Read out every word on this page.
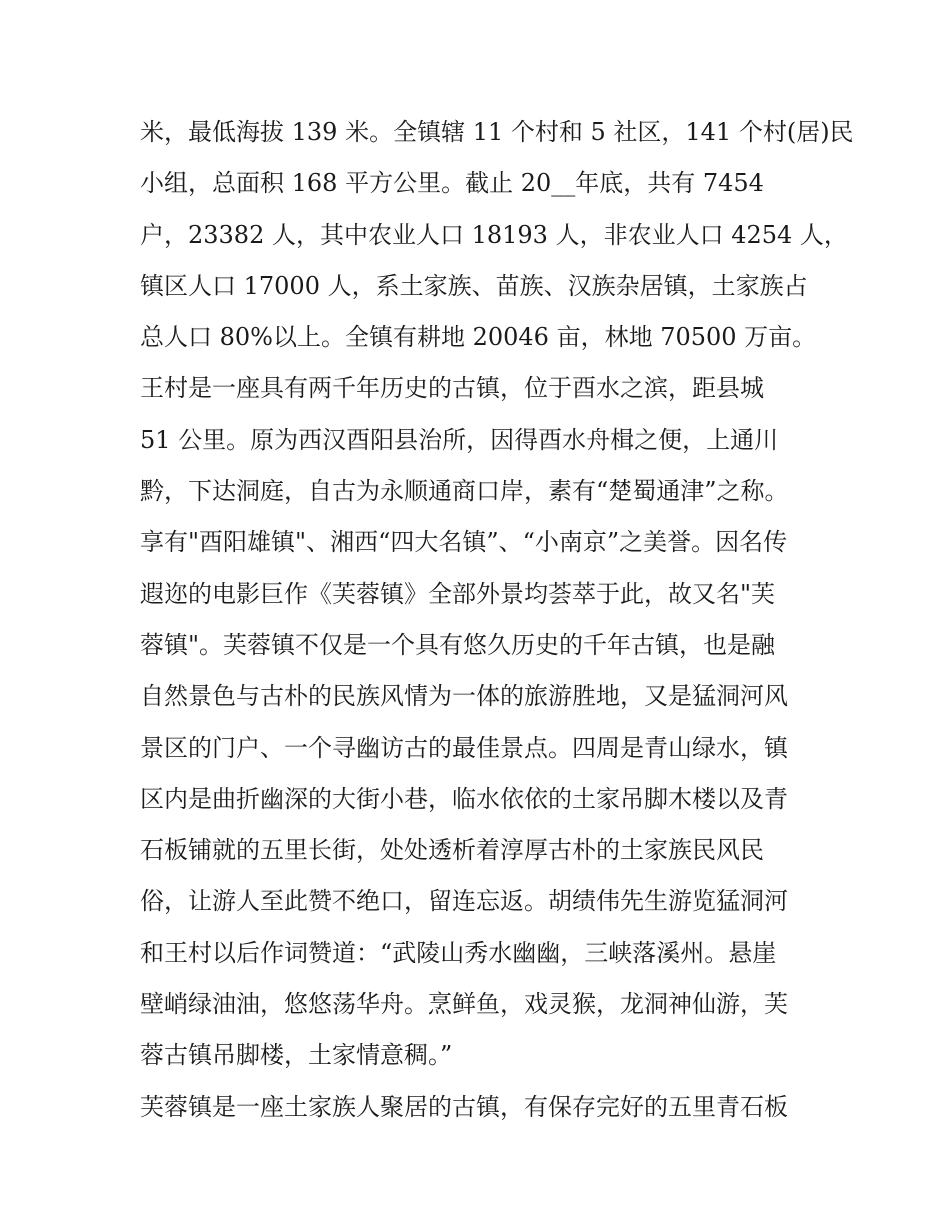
米，最低海拔 139 米。全镇辖 11 个村和 5 社区，141 个村(居)民
小组，总面积 168 平方公里。截止 20__年底，共有 7454
户，23382 人，其中农业人口 18193 人，非农业人口 4254 人，
镇区人口 17000 人，系土家族、苗族、汉族杂居镇，土家族占
总人口 80%以上。全镇有耕地 20046 亩，林地 70500 万亩。
王村是一座具有两千年历史的古镇，位于酉水之滨，距县城
51 公里。原为西汉酉阳县治所，因得酉水舟楫之便，上通川
黔，下达洞庭，自古为永顺通商口岸，素有“楚蜀通津”之称。
享有"酉阳雄镇"、湘西“四大名镇”、“小南京”之美誉。因名传
遐迩的电影巨作《芙蓉镇》全部外景均荟萃于此，故又名"芙
蓉镇"。芙蓉镇不仅是一个具有悠久历史的千年古镇，也是融
自然景色与古朴的民族风情为一体的旅游胜地，又是猛洞河风
景区的门户、一个寻幽访古的最佳景点。四周是青山绿水，镇
区内是曲折幽深的大街小巷，临水依依的土家吊脚木楼以及青
石板铺就的五里长街，处处透析着淳厚古朴的土家族民风民
俗，让游人至此赞不绝口，留连忘返。胡绩伟先生游览猛洞河
和王村以后作词赞道：“武陵山秀水幽幽，三峡落溪州。悬崖
壁峭绿油油，悠悠荡华舟。烹鲜鱼，戏灵猴，龙洞神仙游，芙
蓉古镇吊脚楼，土家情意稠。”
芙蓉镇是一座土家族人聚居的古镇，有保存完好的五里青石板
